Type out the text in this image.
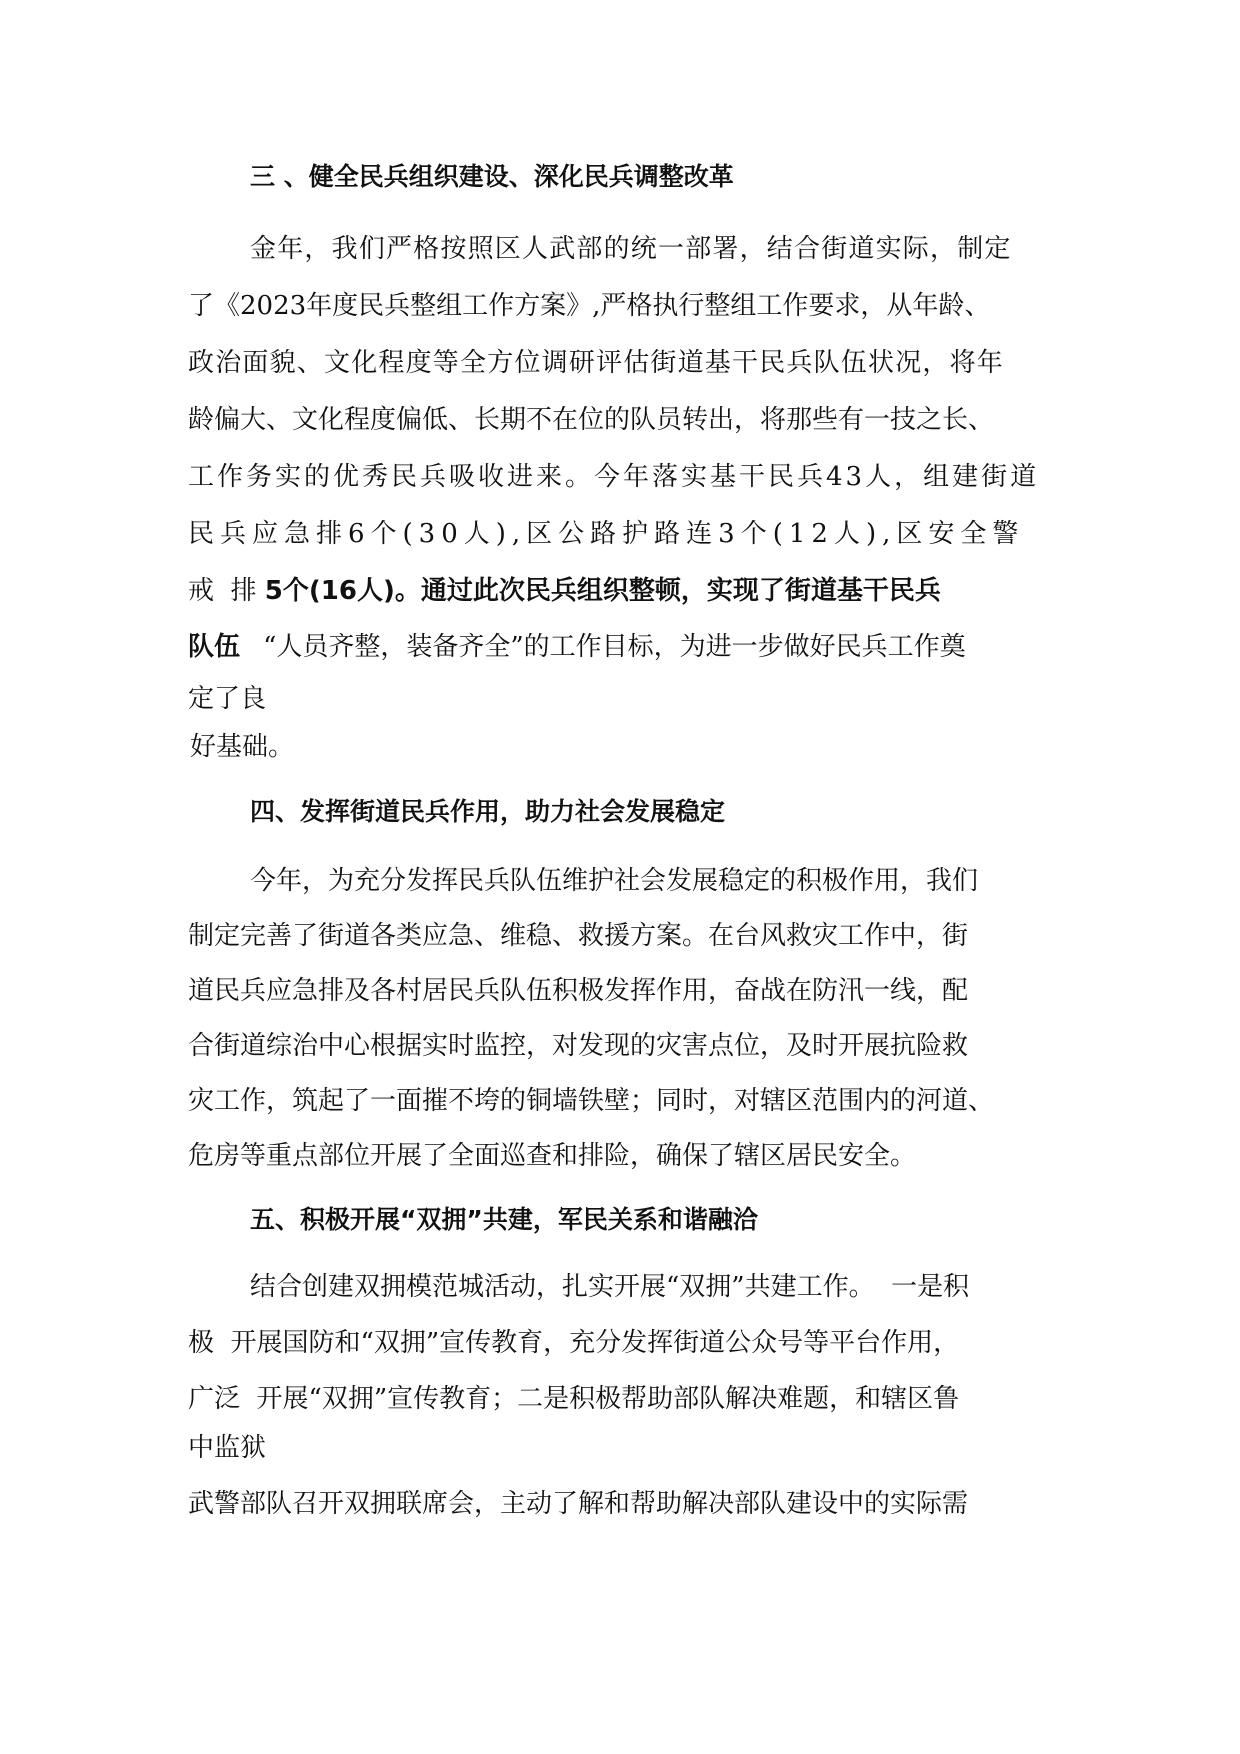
三 、健全民兵组织建设、深化民兵调整改革
金年，我们严格按照区人武部的统一部署，结合街道实际，制定
了《2023年度民兵整组工作方案》,严格执行整组工作要求，从年龄、
政治面貌、文化程度等全方位调研评估街道基干民兵队伍状况，将年
龄偏大、文化程度偏低、长期不在位的队员转出，将那些有一技之长、
工作务实的优秀民兵吸收进来。今年落实基干民兵43人，组建街道
民兵应急排6个(30人),区公路护路连3个(12人),区安全警
戒  排 5个(16人)。通过此次民兵组织整顿，实现了街道基干民兵
队伍 “人员齐整，装备齐全”的工作目标，为进一步做好民兵工作奠
定了良
好基础。
四、发挥街道民兵作用，助力社会发展稳定
今年，为充分发挥民兵队伍维护社会发展稳定的积极作用，我们
制定完善了街道各类应急、维稳、救援方案。在台风救灾工作中，街
道民兵应急排及各村居民兵队伍积极发挥作用，奋战在防汛一线，配
合街道综治中心根据实时监控，对发现的灾害点位，及时开展抗险救
灾工作，筑起了一面摧不垮的铜墙铁壁；同时，对辖区范围内的河道、
危房等重点部位开展了全面巡查和排险，确保了辖区居民安全。
五、积极开展“双拥”共建，军民关系和谐融洽
结合创建双拥模范城活动，扎实开展“双拥”共建工作。  一是积
极  开展国防和“双拥”宣传教育，充分发挥街道公众号等平台作用，
广泛  开展“双拥”宣传教育；二是积极帮助部队解决难题，和辖区鲁
中监狱
武警部队召开双拥联席会，主动了解和帮助解决部队建设中的实际需
